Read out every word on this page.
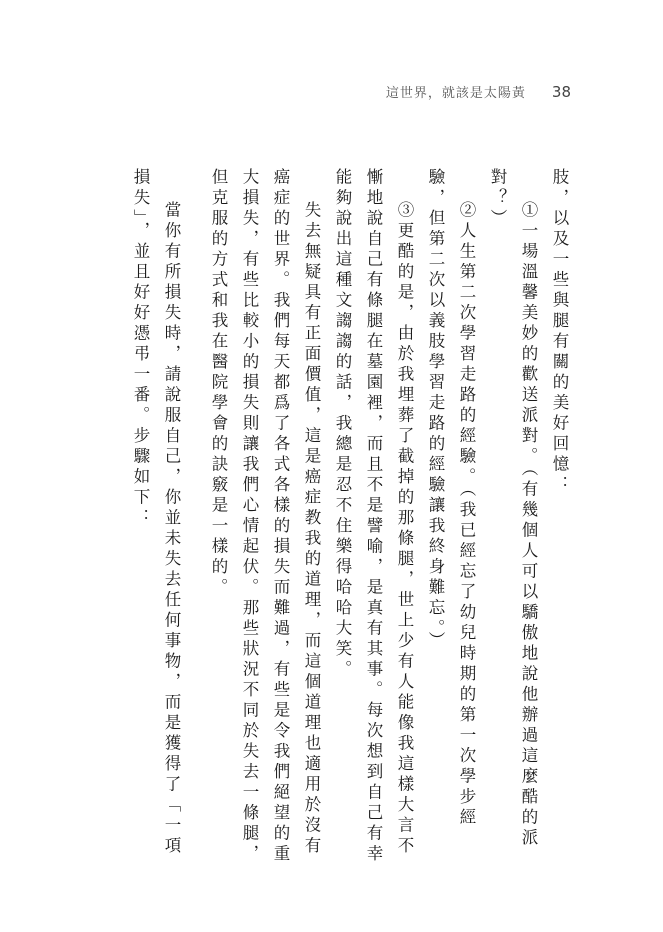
這世界，就該是太陽黃 38

肢，以及一些與腿有關的美好回憶：

①一場溫馨美妙的歡送派對。（有幾個人可以驕傲地說他辦過這麼酷的派對？）

②人生第二次學習走路的經驗。（我已經忘了幼兒時期的第一次學步經驗，但第二次以義肢學習走路的經驗讓我終身難忘。）

③更酷的是，由於我埋葬了截掉的那條腿，世上少有人能像我這樣大言不慚地說自己有條腿在墓園裡，而且不是譬喻，是真有其事。每次想到自己有幸能夠說出這種文謅謅的話，我總是忍不住樂得哈哈大笑。

失去無疑具有正面價值，這是癌症教我的道理，而這個道理也適用於沒有癌症的世界。我們每天都爲了各式各樣的損失而難過，有些是令我們絕望的重大損失，有些比較小的損失則讓我們心情起伏。那些狀況不同於失去一條腿，但克服的方式和我在醫院學會的訣竅是一樣的。

當你有所損失時，請說服自己，你並未失去任何事物，而是獲得了「一項損失」，並且好好憑弔一番。步驟如下：
